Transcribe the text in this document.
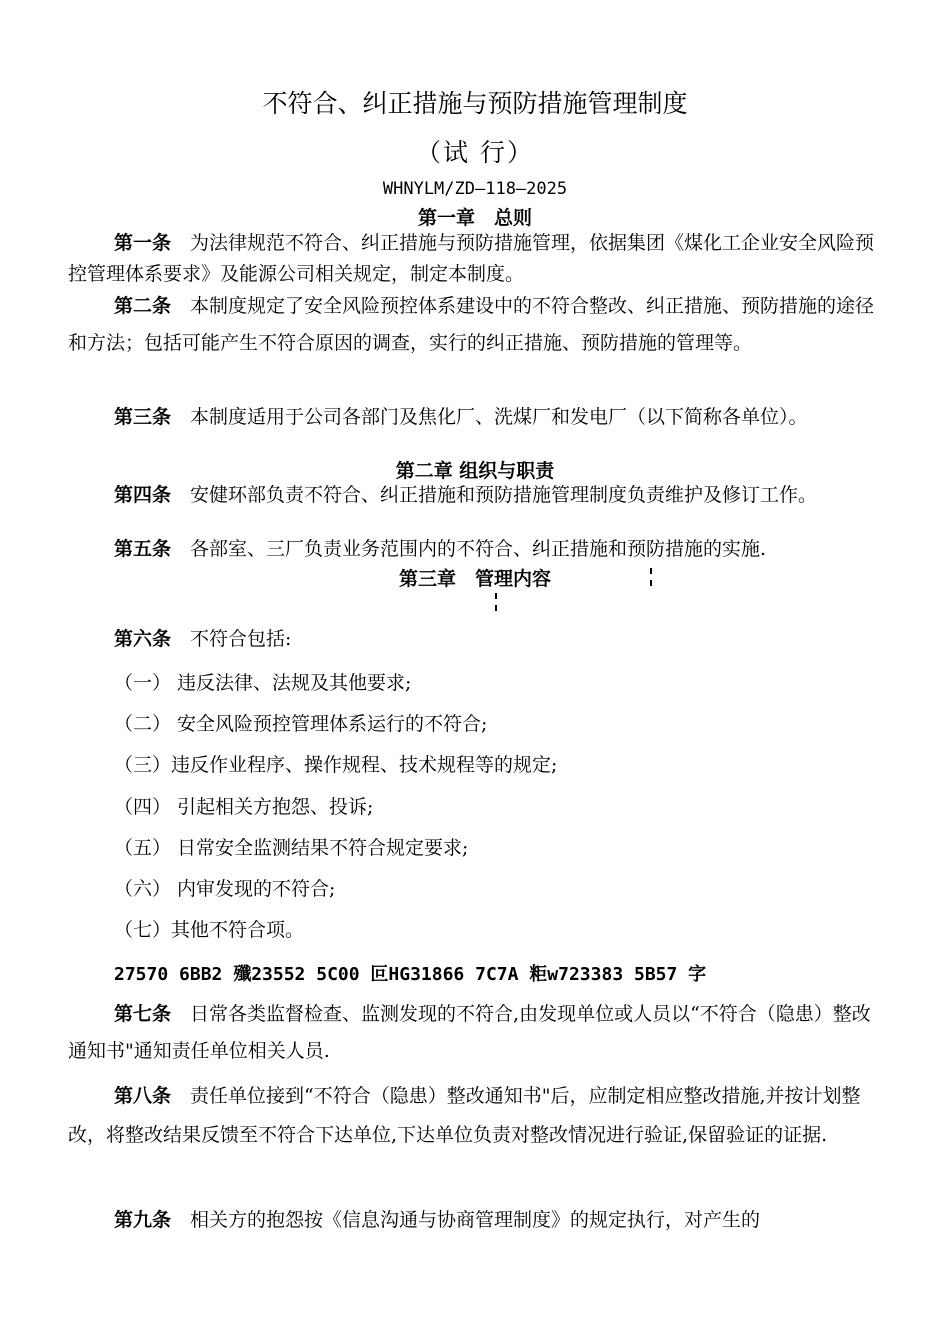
不符合、纠正措施与预防措施管理制度
（试 行）
WHNYLM/ZD—118—2025
第一章　总则
第一条　 为法律规范不符合、纠正措施与预防措施管理，依据集团《煤化工企业安全风险预控管理体系要求》及能源公司相关规定，制定本制度。
第二条　 本制度规定了安全风险预控体系建设中的不符合整改、纠正措施、预防措施的途径和方法；包括可能产生不符合原因的调查，实行的纠正措施、预防措施的管理等。
第三条　 本制度适用于公司各部门及焦化厂、洗煤厂和发电厂（以下简称各单位）。
第二章 组织与职责
第四条　 安健环部负责不符合、纠正措施和预防措施管理制度负责维护及修订工作。
第五条　 各部室、三厂负责业务范围内的不符合、纠正措施和预防措施的实施.
第三章　管理内容
第六条　 不符合包括:
（一） 违反法律、法规及其他要求;
（二） 安全风险预控管理体系运行的不符合;
（三）违反作业程序、操作规程、技术规程等的规定;
（四） 引起相关方抱怨、投诉;
（五） 日常安全监测结果不符合规定要求;
（六） 内审发现的不符合;
（七）其他不符合项。
27570 6BB2 殲23552 5C00 叵HG31866 7C7A 粔w723383 5B57 字
第七条　 日常各类监督检查、监测发现的不符合,由发现单位或人员以“不符合（隐患）整改通知书"通知责任单位相关人员.
第八条　 责任单位接到“不符合（隐患）整改通知书"后，应制定相应整改措施,并按计划整改，将整改结果反馈至不符合下达单位,下达单位负责对整改情况进行验证,保留验证的证据.
第九条　 相关方的抱怨按《信息沟通与协商管理制度》的规定执行，对产生的
